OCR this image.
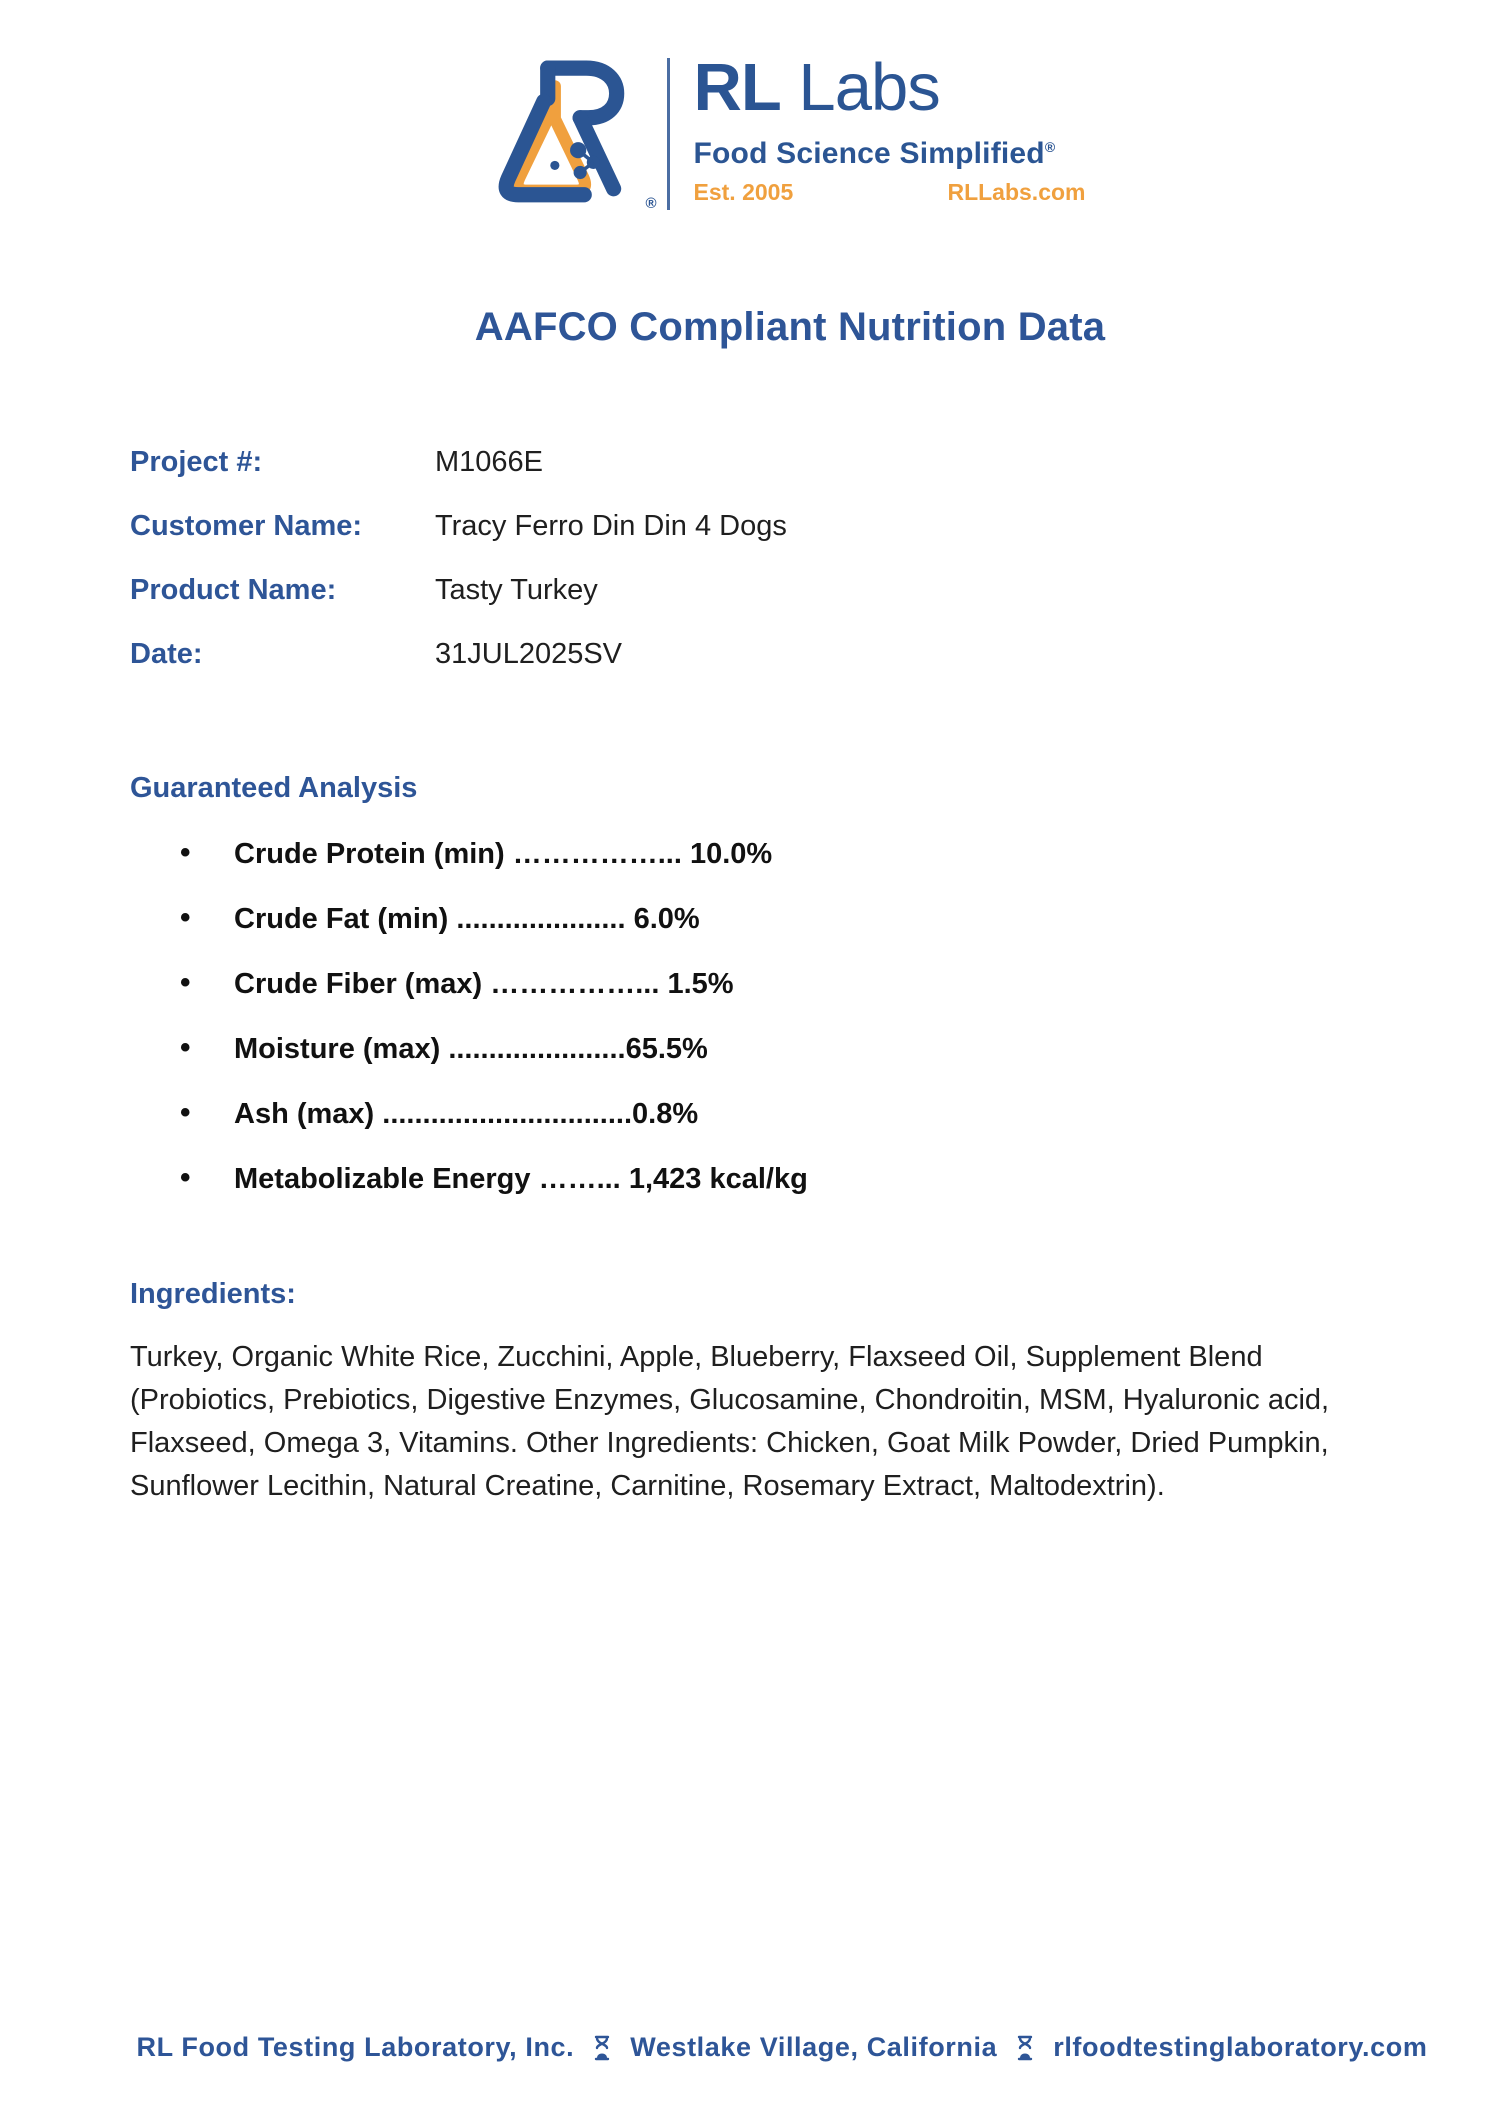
®
RL Labs
Food Science Simplified®
Est. 2005	RLLabs.com
AAFCO Compliant Nutrition Data
Project #:	M1066E
Customer Name:	Tracy Ferro Din Din 4 Dogs
Product Name:	Tasty Turkey
Date:	31JUL2025SV
Guaranteed Analysis
• Crude Protein (min) ……………... 10.0%
• Crude Fat (min) ..................... 6.0%
• Crude Fiber (max) ……………... 1.5%
• Moisture (max) ......................65.5%
• Ash (max) ...............................0.8%
• Metabolizable Energy ……... 1,423 kcal/kg
Ingredients:
Turkey, Organic White Rice, Zucchini, Apple, Blueberry, Flaxseed Oil, Supplement Blend (Probiotics, Prebiotics, Digestive Enzymes, Glucosamine, Chondroitin, MSM, Hyaluronic acid, Flaxseed, Omega 3, Vitamins. Other Ingredients: Chicken, Goat Milk Powder, Dried Pumpkin, Sunflower Lecithin, Natural Creatine, Carnitine, Rosemary Extract, Maltodextrin).
RL Food Testing Laboratory, Inc. Westlake Village, California rlfoodtestinglaboratory.com
